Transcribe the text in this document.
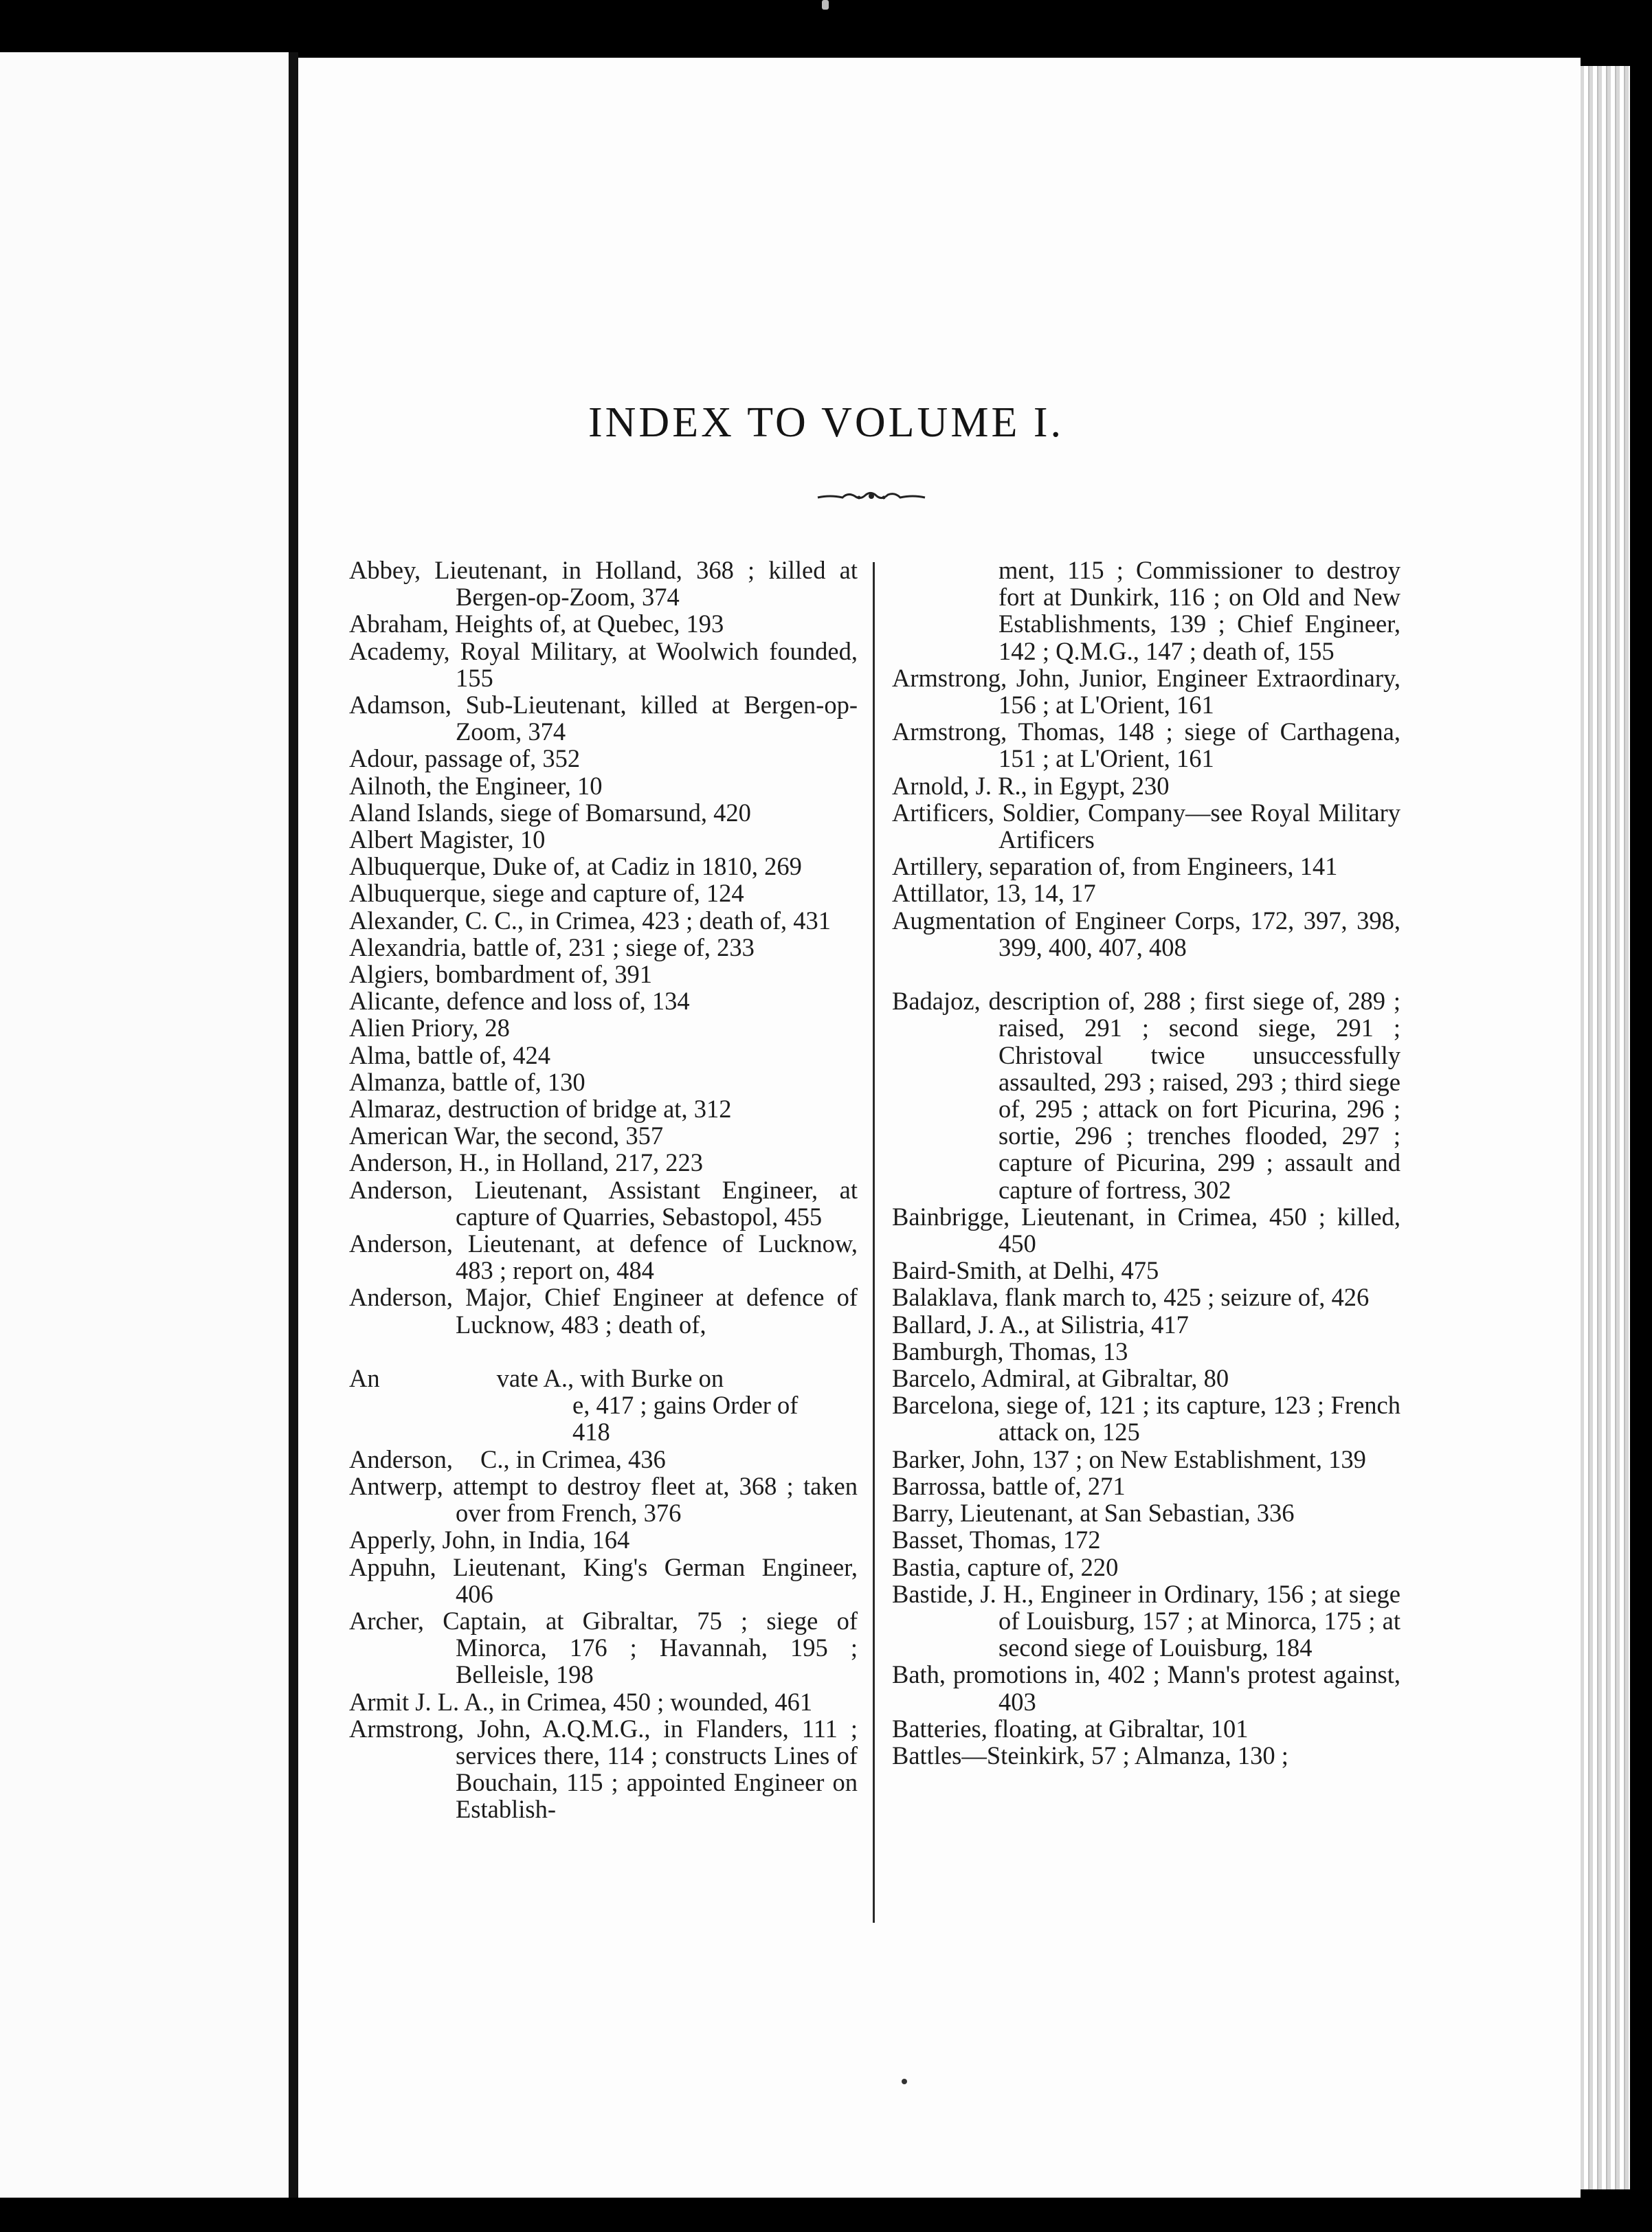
INDEX TO VOLUME I.
Abbey, Lieutenant, in Holland, 368 ; killed at Bergen-op-Zoom, 374
Abraham, Heights of, at Quebec, 193
Academy, Royal Military, at Woolwich founded, 155
Adamson, Sub-Lieutenant, killed at Bergen-op-Zoom, 374
Adour, passage of, 352
Ailnoth, the Engineer, 10
Aland Islands, siege of Bomarsund, 420
Albert Magister, 10
Albuquerque, Duke of, at Cadiz in 1810, 269
Albuquerque, siege and capture of, 124
Alexander, C. C., in Crimea, 423 ; death of, 431
Alexandria, battle of, 231 ; siege of, 233
Algiers, bombardment of, 391
Alicante, defence and loss of, 134
Alien Priory, 28
Alma, battle of, 424
Almanza, battle of, 130
Almaraz, destruction of bridge at, 312
American War, the second, 357
Anderson, H., in Holland, 217, 223
Anderson, Lieutenant, Assistant Engineer, at capture of Quarries, Sebastopol, 455
Anderson, Lieutenant, at defence of Lucknow, 483 ; report on, 484
Anderson, Major, Chief Engineer at defence of Lucknow, 483 ; death of,
An	vate A., with Burke on
e, 417 ; gains Order of
418
Anderson, C., in Crimea, 436
Antwerp, attempt to destroy fleet at, 368 ; taken over from French, 376
Apperly, John, in India, 164
Appuhn, Lieutenant, King's German Engineer, 406
Archer, Captain, at Gibraltar, 75 ; siege of Minorca, 176 ; Havannah, 195 ; Belleisle, 198
Armit J. L. A., in Crimea, 450 ; wounded, 461
Armstrong, John, A.Q.M.G., in Flanders, 111 ; services there, 114 ; constructs Lines of Bouchain, 115 ; appointed Engineer on Establish-
ment, 115 ; Commissioner to destroy fort at Dunkirk, 116 ; on Old and New Establishments, 139 ; Chief Engineer, 142 ; Q.M.G., 147 ; death of, 155
Armstrong, John, Junior, Engineer Extraordinary, 156 ; at L'Orient, 161
Armstrong, Thomas, 148 ; siege of Carthagena, 151 ; at L'Orient, 161
Arnold, J. R., in Egypt, 230
Artificers, Soldier, Company—see Royal Military Artificers
Artillery, separation of, from Engineers, 141
Attillator, 13, 14, 17
Augmentation of Engineer Corps, 172, 397, 398, 399, 400, 407, 408
Badajoz, description of, 288 ; first siege of, 289 ; raised, 291 ; second siege, 291 ; Christoval twice unsuccessfully assaulted, 293 ; raised, 293 ; third siege of, 295 ; attack on fort Picurina, 296 ; sortie, 296 ; trenches flooded, 297 ; capture of Picurina, 299 ; assault and capture of fortress, 302
Bainbrigge, Lieutenant, in Crimea, 450 ; killed, 450
Baird-Smith, at Delhi, 475
Balaklava, flank march to, 425 ; seizure of, 426
Ballard, J. A., at Silistria, 417
Bamburgh, Thomas, 13
Barcelo, Admiral, at Gibraltar, 80
Barcelona, siege of, 121 ; its capture, 123 ; French attack on, 125
Barker, John, 137 ; on New Establishment, 139
Barrossa, battle of, 271
Barry, Lieutenant, at San Sebastian, 336
Basset, Thomas, 172
Bastia, capture of, 220
Bastide, J. H., Engineer in Ordinary, 156 ; at siege of Louisburg, 157 ; at Minorca, 175 ; at second siege of Louisburg, 184
Bath, promotions in, 402 ; Mann's protest against, 403
Batteries, floating, at Gibraltar, 101
Battles—Steinkirk, 57 ; Almanza, 130 ;
